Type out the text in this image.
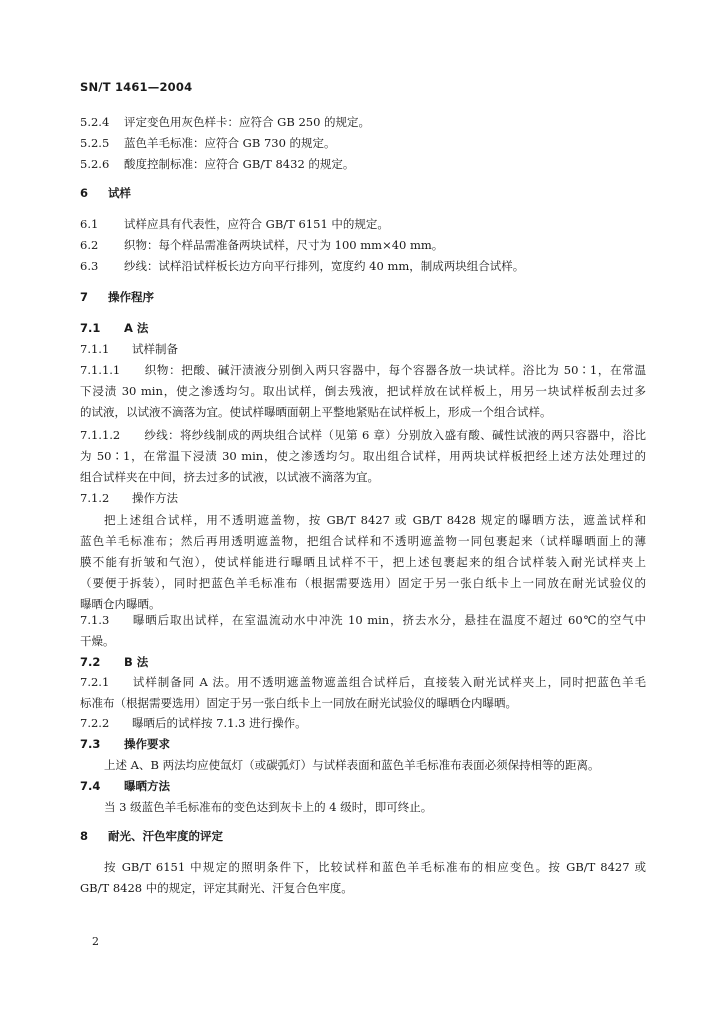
SN/T 1461—2004
5.2.4 评定变色用灰色样卡：应符合 GB 250 的规定。
5.2.5 蓝色羊毛标准：应符合 GB 730 的规定。
5.2.6 酸度控制标准：应符合 GB/T 8432 的规定。
6 试样
6.1 试样应具有代表性，应符合 GB/T 6151 中的规定。
6.2 织物：每个样品需准备两块试样，尺寸为 100 mm×40 mm。
6.3 纱线：试样沿试样板长边方向平行排列，宽度约 40 mm，制成两块组合试样。
7 操作程序
7.1 A 法
7.1.1 试样制备
7.1.1.1 织物：把酸、碱汗渍液分别倒入两只容器中，每个容器各放一块试样。浴比为 50∶1，在常温
下浸渍 30 min，使之渗透均匀。取出试样，倒去残液，把试样放在试样板上，用另一块试样板刮去过多
的试液，以试液不滴落为宜。使试样曝晒面朝上平整地紧贴在试样板上，形成一个组合试样。
7.1.1.2 纱线：将纱线制成的两块组合试样（见第 6 章）分别放入盛有酸、碱性试液的两只容器中，浴比
为 50∶1，在常温下浸渍 30 min，使之渗透均匀。取出组合试样，用两块试样板把经上述方法处理过的
组合试样夹在中间，挤去过多的试液，以试液不滴落为宜。
7.1.2 操作方法
把上述组合试样，用不透明遮盖物，按 GB/T 8427 或 GB/T 8428 规定的曝晒方法，遮盖试样和
蓝色羊毛标准布；然后再用透明遮盖物，把组合试样和不透明遮盖物一同包裹起来（试样曝晒面上的薄
膜不能有折皱和气泡），使试样能进行曝晒且试样不干，把上述包裹起来的组合试样装入耐光试样夹上
（要便于拆装），同时把蓝色羊毛标准布（根据需要选用）固定于另一张白纸卡上一同放在耐光试验仪的
曝晒仓内曝晒。
7.1.3 曝晒后取出试样，在室温流动水中冲洗 10 min，挤去水分，悬挂在温度不超过 60℃的空气中
干燥。
7.2 B 法
7.2.1 试样制备同 A 法。用不透明遮盖物遮盖组合试样后，直接装入耐光试样夹上，同时把蓝色羊毛
标准布（根据需要选用）固定于另一张白纸卡上一同放在耐光试验仪的曝晒仓内曝晒。
7.2.2 曝晒后的试样按 7.1.3 进行操作。
7.3 操作要求
上述 A、B 两法均应使氙灯（或碳弧灯）与试样表面和蓝色羊毛标准布表面必须保持相等的距离。
7.4 曝晒方法
当 3 级蓝色羊毛标准布的变色达到灰卡上的 4 级时，即可终止。
8 耐光、汗色牢度的评定
按 GB/T 6151 中规定的照明条件下，比较试样和蓝色羊毛标准布的相应变色。按 GB/T 8427 或
GB/T 8428 中的规定，评定其耐光、汗复合色牢度。
2
